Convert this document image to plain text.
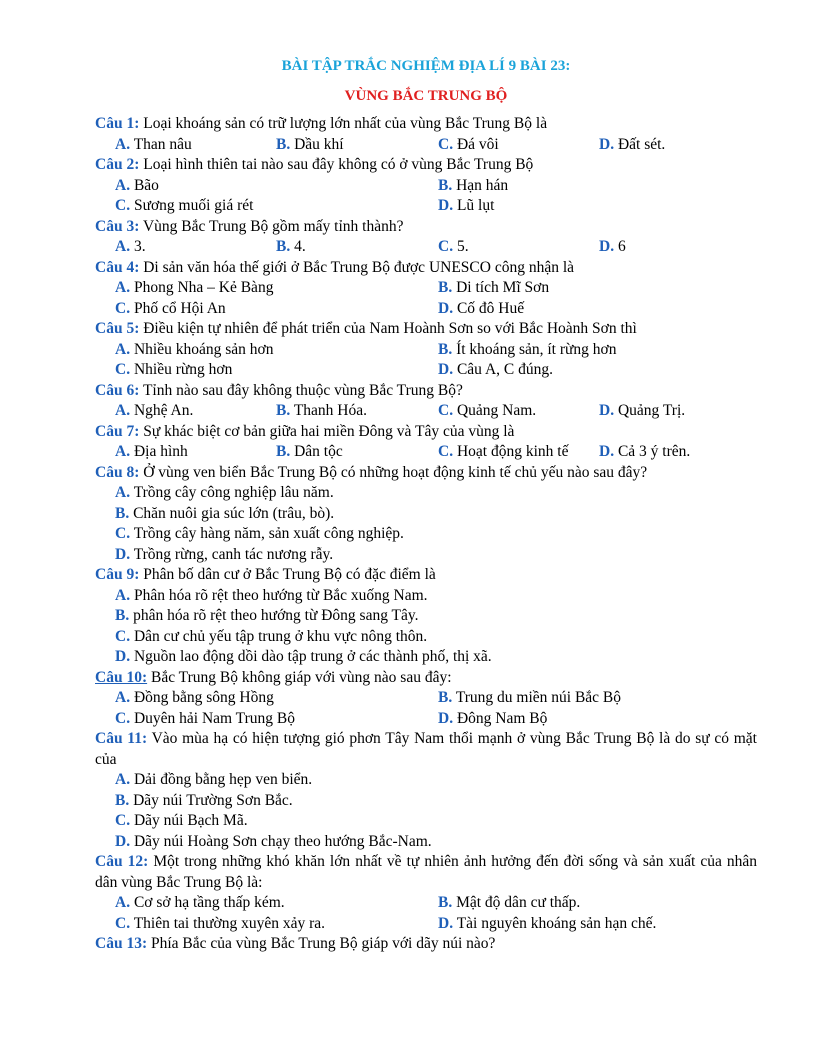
BÀI TẬP TRẮC NGHIỆM ĐỊA LÍ 9 BÀI 23:
VÙNG BẮC TRUNG BỘ
Câu 1: Loại khoáng sản có trữ lượng lớn nhất của vùng Bắc Trung Bộ là
A. Than nâu	B. Dầu khí	C. Đá vôi	D. Đất sét.
Câu 2: Loại hình thiên tai nào sau đây không có ở vùng Bắc Trung Bộ
A. Bão	B. Hạn hán
C. Sương muối giá rét	D. Lũ lụt
Câu 3: Vùng Bắc Trung Bộ gồm mấy tỉnh thành?
A. 3.	B. 4.	C. 5.	D. 6
Câu 4: Di sản văn hóa thế giới ở Bắc Trung Bộ được UNESCO công nhận là
A. Phong Nha – Kẻ Bàng	B. Di tích Mĩ Sơn
C. Phố cổ Hội An	D. Cố đô Huế
Câu 5: Điều kiện tự nhiên để phát triển của Nam Hoành Sơn so với Bắc Hoành Sơn thì
A. Nhiều khoáng sản hơn	B. Ít khoáng sản, ít rừng hơn
C. Nhiều rừng hơn	D. Câu A, C đúng.
Câu 6: Tỉnh nào sau đây không thuộc vùng Bắc Trung Bộ?
A. Nghệ An.	B. Thanh Hóa.	C. Quảng Nam.	D. Quảng Trị.
Câu 7: Sự khác biệt cơ bản giữa hai miền Đông và Tây của vùng là
A. Địa hình	B. Dân tộc	C. Hoạt động kinh tế	D. Cả 3 ý trên.
Câu 8: Ở vùng ven biển Bắc Trung Bộ có những hoạt động kinh tế chủ yếu nào sau đây?
A. Trồng cây công nghiệp lâu năm.
B. Chăn nuôi gia súc lớn (trâu, bò).
C. Trồng cây hàng năm, sản xuất công nghiệp.
D. Trồng rừng, canh tác nương rẫy.
Câu 9: Phân bố dân cư ở Bắc Trung Bộ có đặc điểm là
A. Phân hóa rõ rệt theo hướng từ Bắc xuống Nam.
B. phân hóa rõ rệt theo hướng từ Đông sang Tây.
C. Dân cư chủ yếu tập trung ở khu vực nông thôn.
D. Nguồn lao động dồi dào tập trung ở các thành phố, thị xã.
Câu 10: Bắc Trung Bộ không giáp với vùng nào sau đây:
A. Đồng bằng sông Hồng	B. Trung du miền núi Bắc Bộ
C. Duyên hải Nam Trung Bộ	D. Đông Nam Bộ
Câu 11: Vào mùa hạ có hiện tượng gió phơn Tây Nam thổi mạnh ở vùng Bắc Trung Bộ là do sự có mặt của
A. Dải đồng bằng hẹp ven biển.
B. Dãy núi Trường Sơn Bắc.
C. Dãy núi Bạch Mã.
D. Dãy núi Hoàng Sơn chạy theo hướng Bắc-Nam.
Câu 12: Một trong những khó khăn lớn nhất về tự nhiên ảnh hưởng đến đời sống và sản xuất của nhân dân vùng Bắc Trung Bộ là:
A. Cơ sở hạ tầng thấp kém.	B. Mật độ dân cư thấp.
C. Thiên tai thường xuyên xảy ra.	D. Tài nguyên khoáng sản hạn chế.
Câu 13: Phía Bắc của vùng Bắc Trung Bộ giáp với dãy núi nào?
